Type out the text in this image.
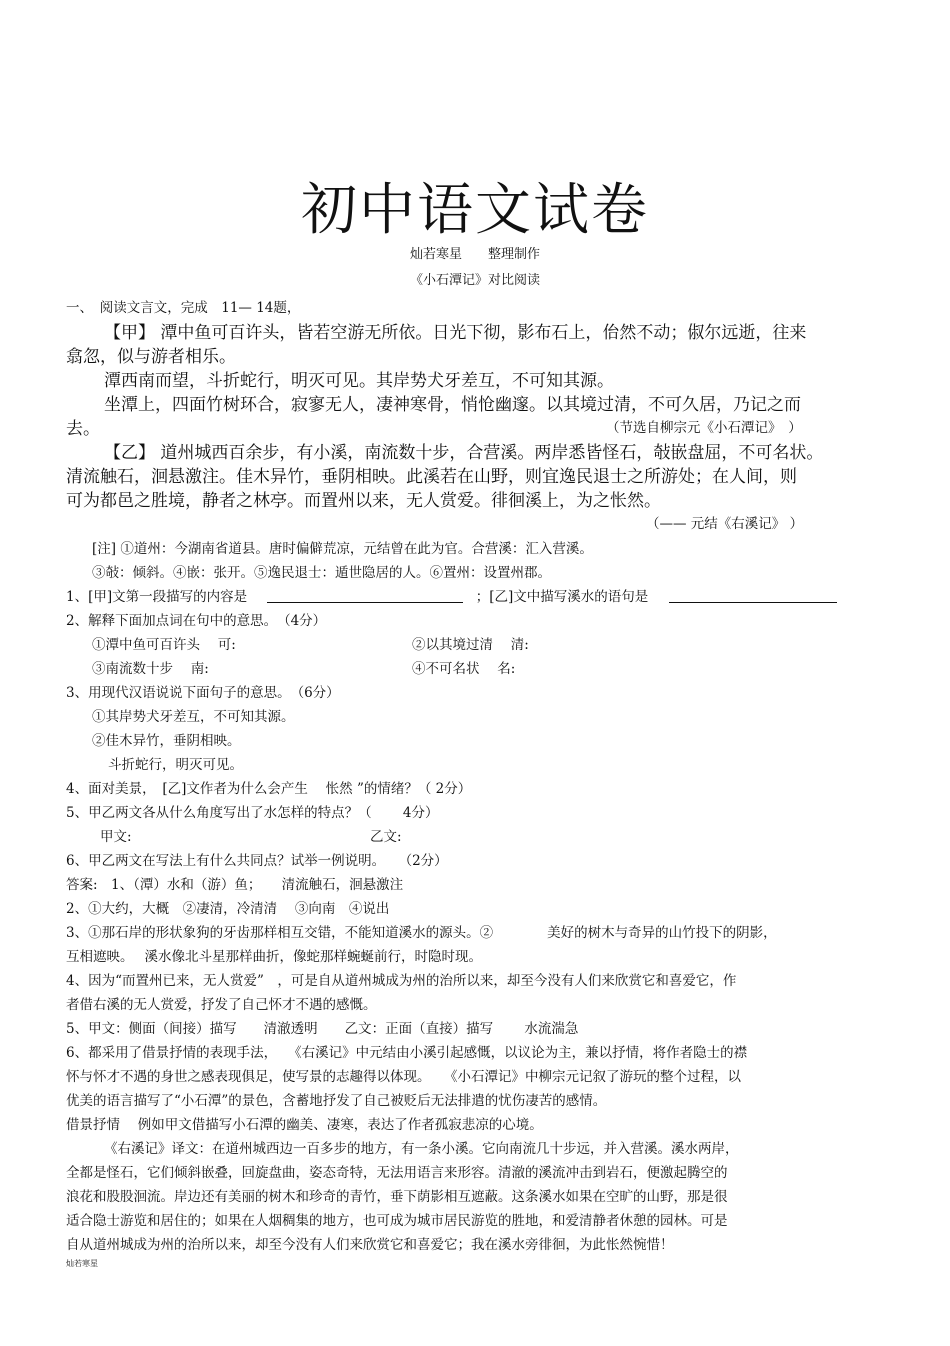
初中语文试卷
灿若寒星　　整理制作
《小石潭记》对比阅读
一、　阅读文言文，完成　11— 14题，
【甲】 潭中鱼可百许头，皆若空游无所依。日光下彻，影布石上，佁然不动；俶尔远逝，往来
翕忽，似与游者相乐。
潭西南而望，斗折蛇行，明灭可见。其岸势犬牙差互，不可知其源。
坐潭上，四面竹树环合，寂寥无人，凄神寒骨，悄怆幽邃。以其境过清，不可久居，乃记之而
去。	（节选自柳宗元《小石潭记》　）
【乙】 道州城西百余步，有小溪，南流数十步，合营溪。两岸悉皆怪石，敧嵌盘屈，不可名状。
清流触石，洄悬激注。佳木异竹，垂阴相映。此溪若在山野，则宜逸民退士之所游处；在人间，则
可为都邑之胜境，静者之林亭。而置州以来，无人赏爱。徘徊溪上，为之怅然。
（—— 元结《右溪记》 ）
[注] ①道州：今湖南省道县。唐时偏僻荒凉，元结曾在此为官。合营溪：汇入营溪。
③敧：倾斜。④嵌：张开。⑤逸民退士：遁世隐居的人。⑥置州：设置州郡。
1、[甲]文第一段描写的内容是	；[乙]文中描写溪水的语句是
2、解释下面加点词在句中的意思。　（4分）
①潭中鱼可百许头　 可:	②以其境过清　 清:
③南流数十步　 南:	④不可名状　 名:
3、用现代汉语说说下面句子的意思。　（6分）
①其岸势犬牙差互，不可知其源。
②佳木异竹，垂阴相映。
斗折蛇行，明灭可见。
4、面对美景，　[乙]文作者为什么会产生　 怅然 ”的情绪？（ 2分）
5、甲乙两文各从什么角度写出了水怎样的特点？（　　 4分）
甲文:	乙文:
6、甲乙两文在写法上有什么共同点？试举一例说明。　　（2分）
答案:　1、（潭）水和（游）鱼；　　清流触石，洄悬激注
2、①大约，大概　②凄清，冷清清　 ③向南　④说出
3、①那石岸的形状象狗的牙齿那样相互交错，不能知道溪水的源头。②　　　　美好的树木与奇异的山竹投下的阴影，
互相遮映。　 溪水像北斗星那样曲折，像蛇那样蜿蜒前行，时隐时现。
4、因为“而置州已来，无人赏爱”　，可是自从道州城成为州的治所以来，却至今没有人们来欣赏它和喜爱它，作
者借右溪的无人赏爱，抒发了自己怀才不遇的感慨。
5、甲文：侧面（间接）描写　　清澈透明　　乙文：正面（直接）描写　　 水流湍急
6、都采用了借景抒情的表现手法，　 《右溪记》中元结由小溪引起感慨，以议论为主，兼以抒情，将作者隐士的襟
怀与怀才不遇的身世之感表现俱足，使写景的志趣得以体现。　　《小石潭记》中柳宗元记叙了游玩的整个过程，以
优美的语言描写了“小石潭”的景色，含蓄地抒发了自己被贬后无法排遣的忧伤凄苦的感情。
借景抒情　 例如甲文借描写小石潭的幽美、凄寒，表达了作者孤寂悲凉的心境。
《右溪记》译文：在道州城西边一百多步的地方，有一条小溪。它向南流几十步远，并入营溪。溪水两岸，
全都是怪石，它们倾斜嵌叠，回旋盘曲，姿态奇特，无法用语言来形容。清澈的溪流冲击到岩石，便激起腾空的
浪花和股股洄流。岸边还有美丽的树木和珍奇的青竹，垂下荫影相互遮蔽。这条溪水如果在空旷的山野，那是很
适合隐士游览和居住的；如果在人烟稠集的地方，也可成为城市居民游览的胜地，和爱清静者休憩的园林。可是
自从道州城成为州的治所以来，却至今没有人们来欣赏它和喜爱它；我在溪水旁徘徊，为此怅然惋惜！
灿若寒星
